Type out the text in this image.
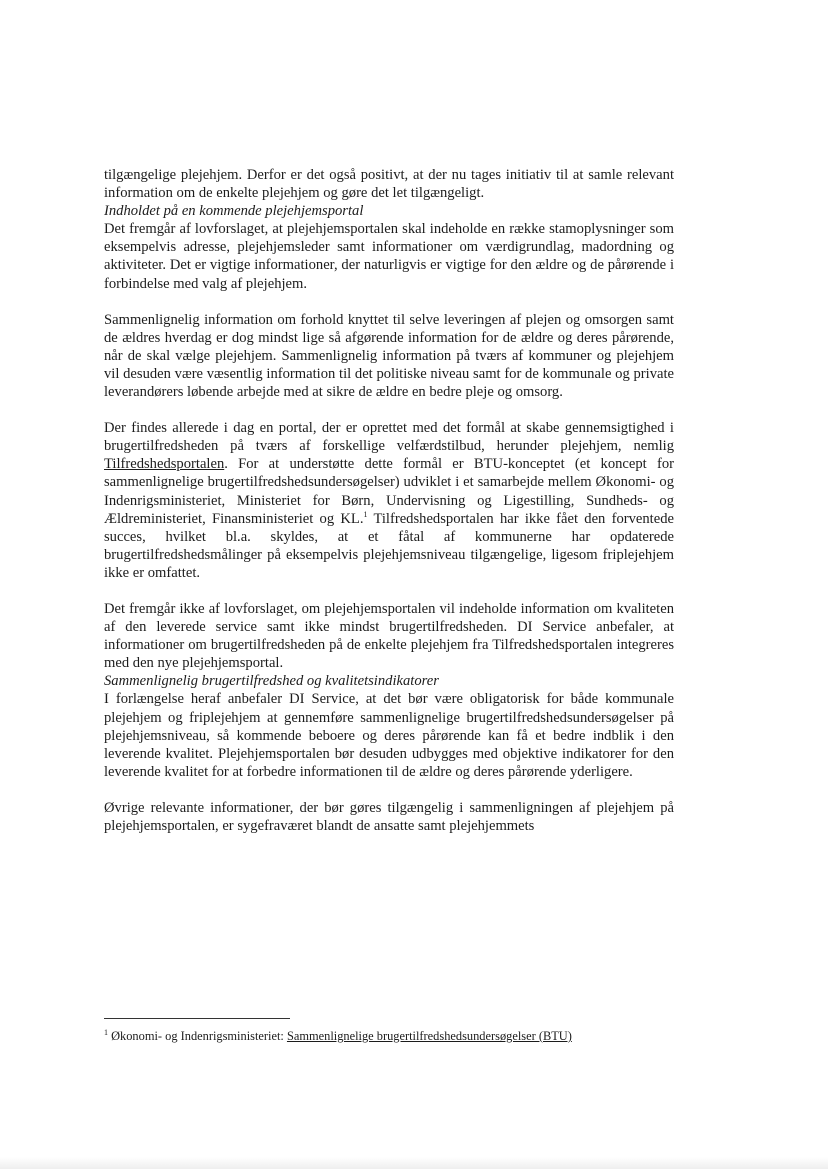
tilgængelige plejehjem. Derfor er det også positivt, at der nu tages initiativ til at samle relevant information om de enkelte plejehjem og gøre det let tilgængeligt.

Indholdet på en kommende plejehjemsportal

Det fremgår af lovforslaget, at plejehjemsportalen skal indeholde en række stamoplysninger som eksempelvis adresse, plejehjemsleder samt informationer om værdigrundlag, madordning og aktiviteter. Det er vigtige informationer, der naturligvis er vigtige for den ældre og de pårørende i forbindelse med valg af plejehjem.

Sammenlignelig information om forhold knyttet til selve leveringen af plejen og omsorgen samt de ældres hverdag er dog mindst lige så afgørende information for de ældre og deres pårørende, når de skal vælge plejehjem. Sammenlignelig information på tværs af kommuner og plejehjem vil desuden være væsentlig information til det politiske niveau samt for de kommunale og private leverandørers løbende arbejde med at sikre de ældre en bedre pleje og omsorg.

Der findes allerede i dag en portal, der er oprettet med det formål at skabe gennemsigtighed i brugertilfredsheden på tværs af forskellige velfærdstilbud, herunder plejehjem, nemlig Tilfredshedsportalen. For at understøtte dette formål er BTU-konceptet (et koncept for sammenlignelige brugertilfredshedsundersøgelser) udviklet i et samarbejde mellem Økonomi- og Indenrigsministeriet, Ministeriet for Børn, Undervisning og Ligestilling, Sundheds- og Ældreministeriet, Finansministeriet og KL.$^1$ Tilfredshedsportalen har ikke fået den forventede succes, hvilket bl.a. skyldes, at et fåtal af kommunerne har opdaterede brugertilfredshedsmålinger på eksempelvis plejehjemsniveau tilgængelige, ligesom friplejehjem ikke er omfattet.

Det fremgår ikke af lovforslaget, om plejehjemsportalen vil indeholde information om kvaliteten af den leverede service samt ikke mindst brugertilfredsheden. DI Service anbefaler, at informationer om brugertilfredsheden på de enkelte plejehjem fra Tilfredshedsportalen integreres med den nye plejehjemsportal.

Sammenlignelig brugertilfredshed og kvalitetsindikatorer

I forlængelse heraf anbefaler DI Service, at det bør være obligatorisk for både kommunale plejehjem og friplejehjem at gennemføre sammenlignelige brugertilfredshedsundersøgelser på plejehjemsniveau, så kommende beboere og deres pårørende kan få et bedre indblik i den leverende kvalitet. Plejehjemsportalen bør desuden udbygges med objektive indikatorer for den leverende kvalitet for at forbedre informationen til de ældre og deres pårørende yderligere.

Øvrige relevante informationer, der bør gøres tilgængelig i sammenligningen af plejehjem på plejehjemsportalen, er sygefraværet blandt de ansatte samt plejehjemmets

$^1$ Økonomi- og Indenrigsministeriet: Sammenlignelige brugertilfredshedsundersøgelser (BTU)
